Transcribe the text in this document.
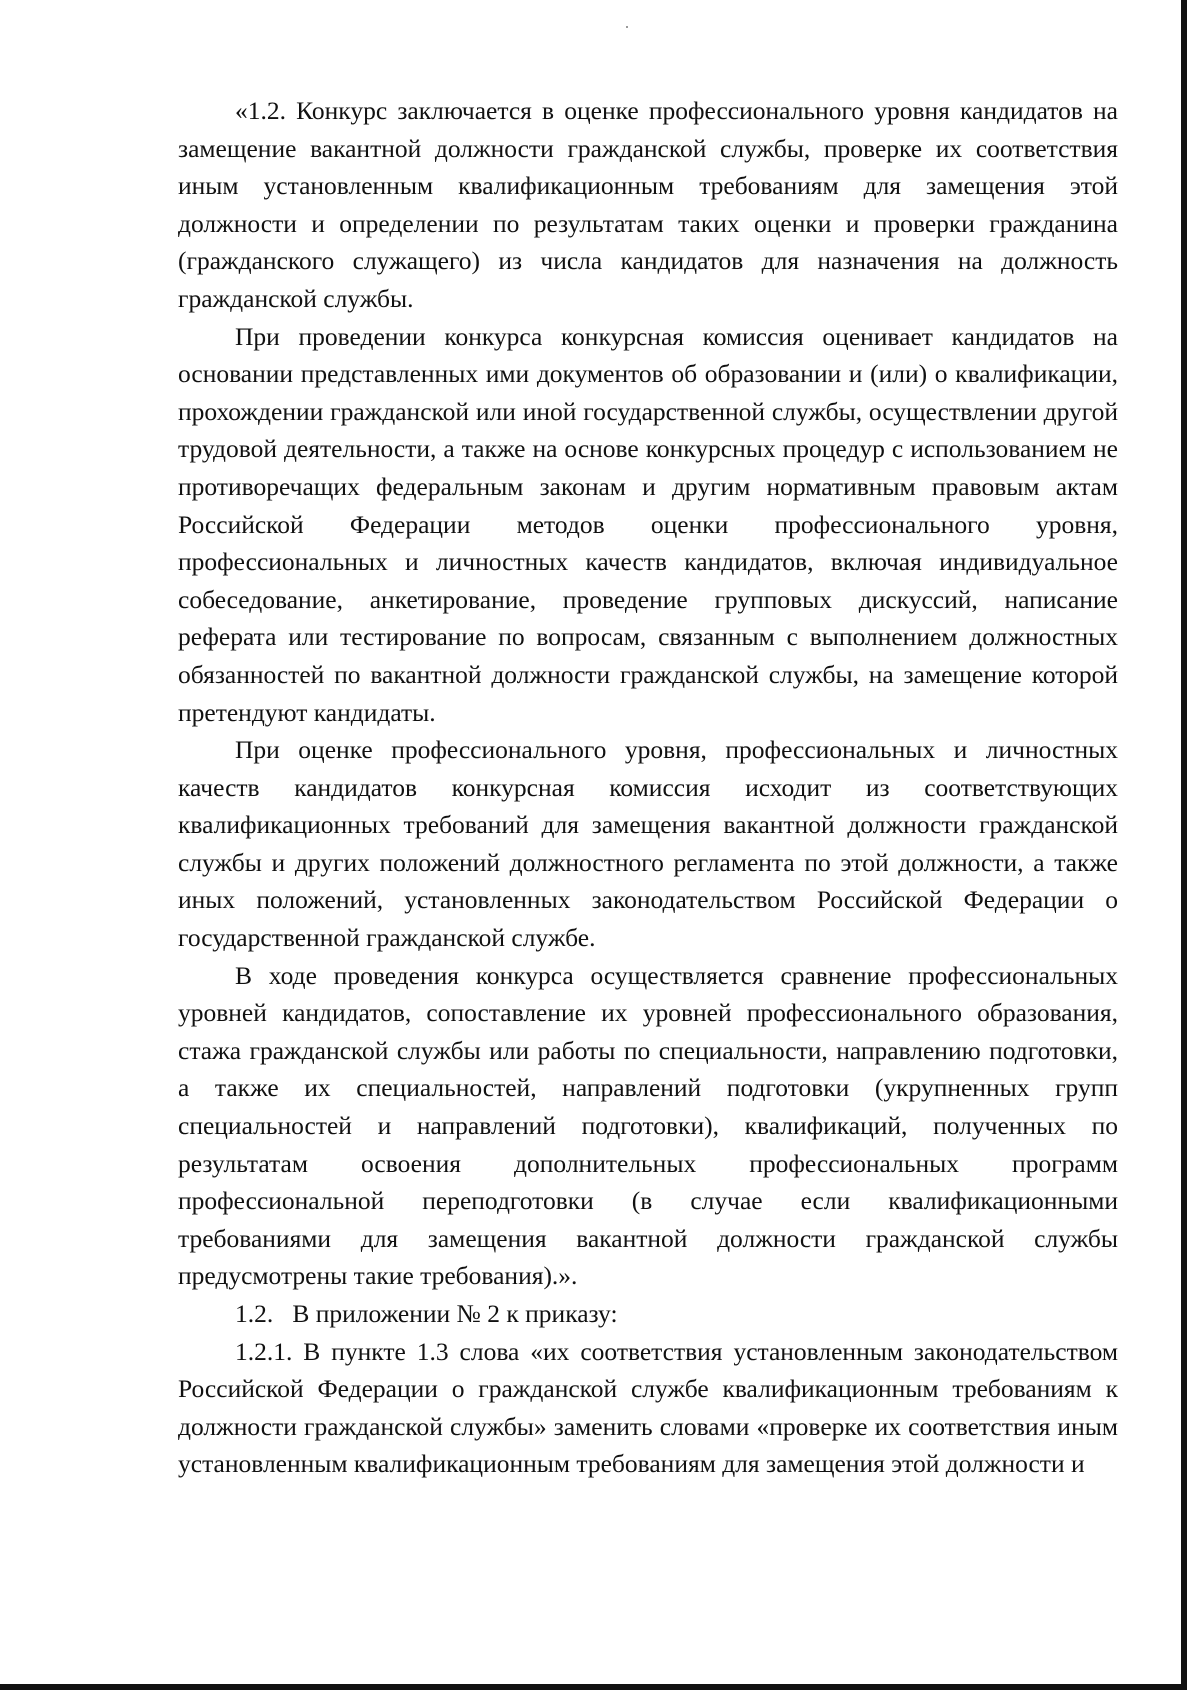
«1.2. Конкурс заключается в оценке профессионального уровня кандидатов на замещение вакантной должности гражданской службы, проверке их соответствия иным установленным квалификационным требованиям для замещения этой должности и определении по результатам таких оценки и проверки гражданина (гражданского служащего) из числа кандидатов для назначения на должность гражданской службы.

При проведении конкурса конкурсная комиссия оценивает кандидатов на основании представленных ими документов об образовании и (или) о квалификации, прохождении гражданской или иной государственной службы, осуществлении другой трудовой деятельности, а также на основе конкурсных процедур с использованием не противоречащих федеральным законам и другим нормативным правовым актам Российской Федерации методов оценки профессионального уровня, профессиональных и личностных качеств кандидатов, включая индивидуальное собеседование, анкетирование, проведение групповых дискуссий, написание реферата или тестирование по вопросам, связанным с выполнением должностных обязанностей по вакантной должности гражданской службы, на замещение которой претендуют кандидаты.

При оценке профессионального уровня, профессиональных и личностных качеств кандидатов конкурсная комиссия исходит из соответствующих квалификационных требований для замещения вакантной должности гражданской службы и других положений должностного регламента по этой должности, а также иных положений, установленных законодательством Российской Федерации о государственной гражданской службе.

В ходе проведения конкурса осуществляется сравнение профессиональных уровней кандидатов, сопоставление их уровней профессионального образования, стажа гражданской службы или работы по специальности, направлению подготовки, а также их специальностей, направлений подготовки (укрупненных групп специальностей и направлений подготовки), квалификаций, полученных по результатам освоения дополнительных профессиональных программ профессиональной переподготовки (в случае если квалификационными требованиями для замещения вакантной должности гражданской службы предусмотрены такие требования).».

1.2.   В приложении № 2 к приказу:

1.2.1. В пункте 1.3 слова «их соответствия установленным законодательством Российской Федерации о гражданской службе квалификационным требованиям к должности гражданской службы» заменить словами «проверке их соответствия иным установленным квалификационным требованиям для замещения этой должности и
